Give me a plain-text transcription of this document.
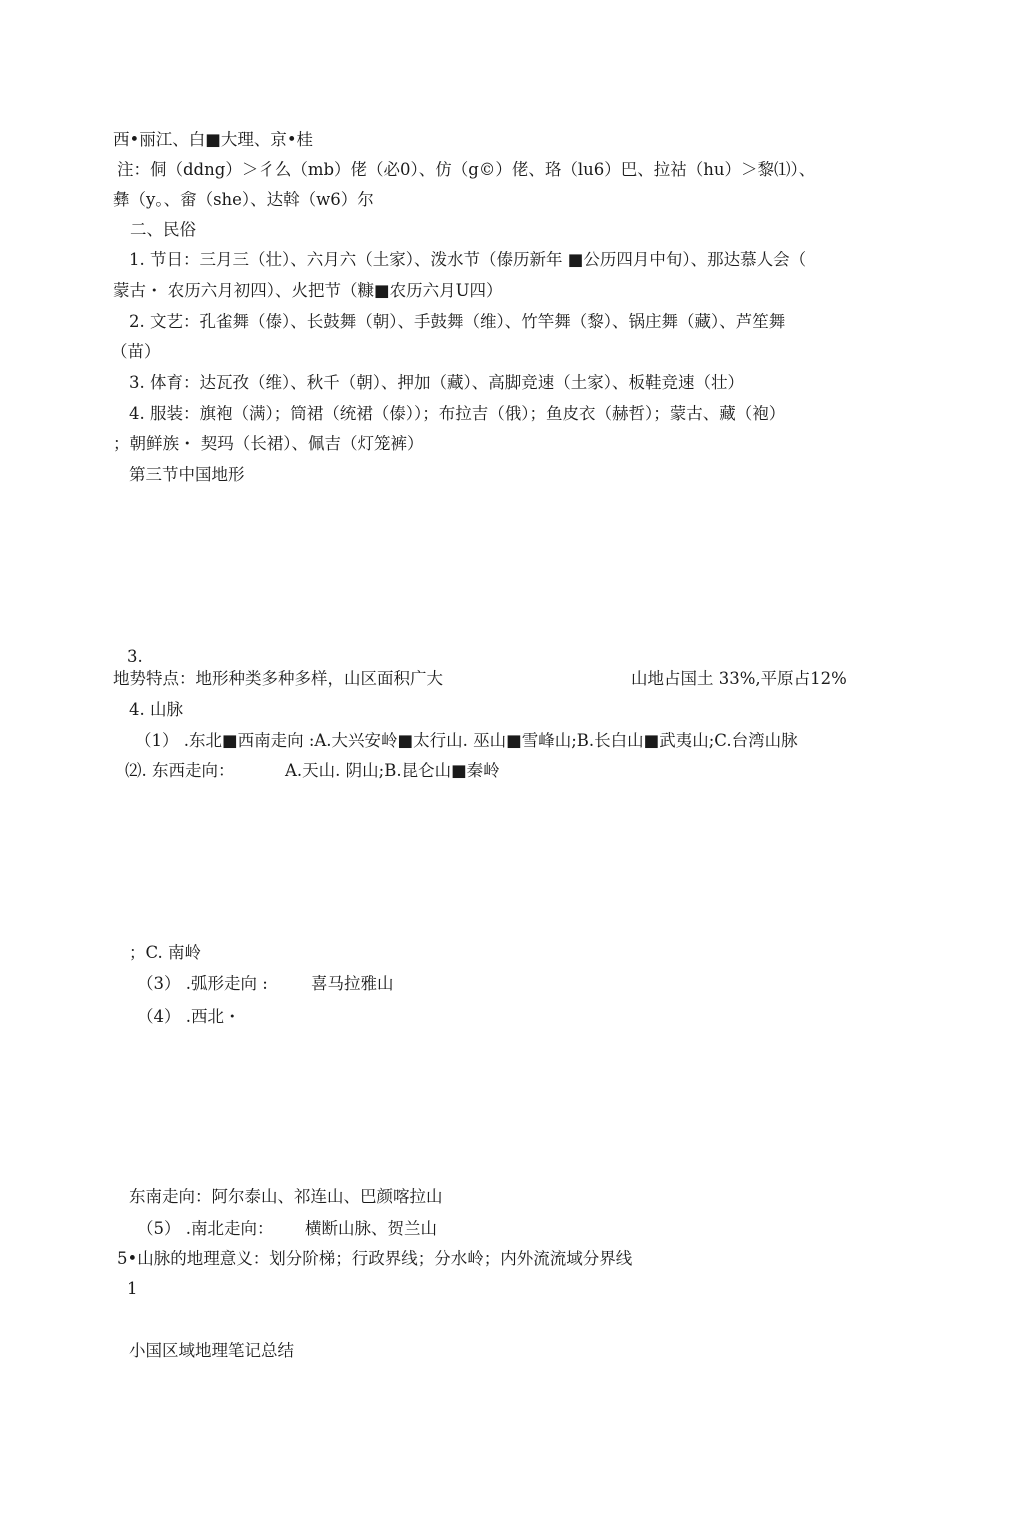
西•丽江、白■大理、京•桂
注：侗（ddng）＞彳么（mb）佬（必0）、仿（g©）佬、珞（lu6）巴、拉祜（hu）＞黎⑴）、
彝（y。、畲（she）、达斡（w6）尔
二、民俗
1. 节日：三月三（壮）、六月六（土家）、泼水节（傣历新年 ■公历四月中旬）、那达慕人会（
蒙古・ 农历六月初四）、火把节（糠■农历六月U四）
2. 文艺：孔雀舞（傣）、长鼓舞（朝）、手鼓舞（维）、竹竿舞（黎）、锅庄舞（藏）、芦笙舞
（苗）
3. 体育：达瓦孜（维）、秋千（朝）、押加（藏）、高脚竞速（土家）、板鞋竞速（壮）
4. 服装：旗袍（满）；筒裙（统裙（傣））；布拉吉（俄）；鱼皮衣（赫哲）；蒙古、藏（袍）
；朝鲜族・ 契玛（长裙）、佩吉（灯笼裤）
第三节中国地形
3.
地势特点：地形种类多种多样，山区面积广大	山地占国土 33%,平原占12%
4. 山脉
（1） .东北■西南走向 :A.大兴安岭■太行山. 巫山■雪峰山;B.长白山■武夷山;C.台湾山脉
⑵. 东西走向：	A.天山. 阴山;B.昆仑山■秦岭
；C. 南岭
（3） .弧形走向 :	喜马拉雅山
（4） .西北・
东南走向：阿尔泰山、祁连山、巴颜喀拉山
（5） .南北走向： 横断山脉、贺兰山
5•山脉的地理意义：划分阶梯；行政界线；分水岭；内外流流域分界线
1
小国区域地理笔记总结
